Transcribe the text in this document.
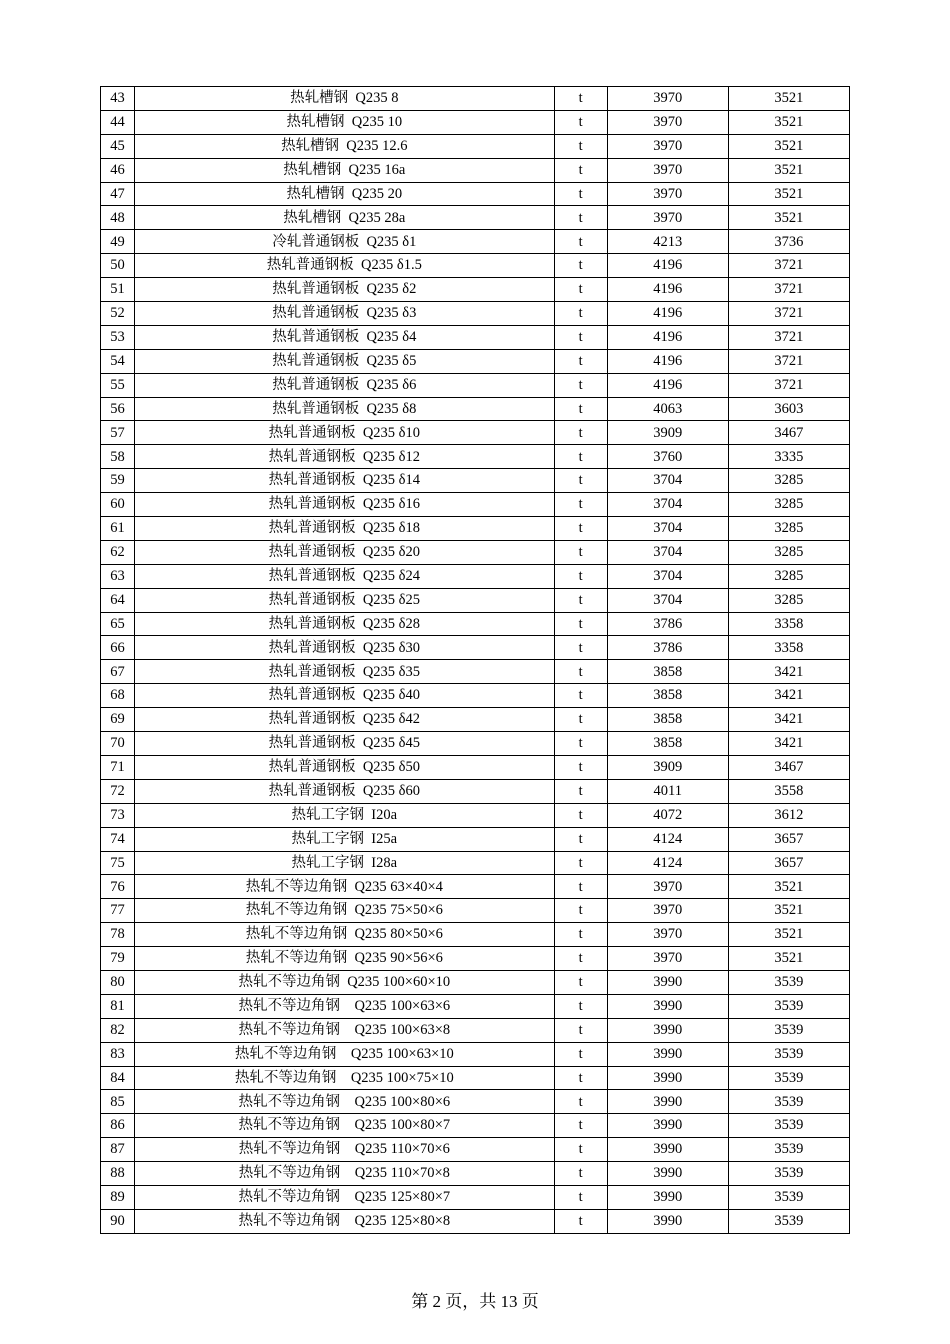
43	热轧槽钢  Q235 8	t	3970	3521
44	热轧槽钢  Q235 10	t	3970	3521
45	热轧槽钢  Q235 12.6	t	3970	3521
46	热轧槽钢  Q235 16a	t	3970	3521
47	热轧槽钢  Q235 20	t	3970	3521
48	热轧槽钢  Q235 28a	t	3970	3521
49	冷轧普通钢板  Q235 δ1	t	4213	3736
50	热轧普通钢板  Q235 δ1.5	t	4196	3721
51	热轧普通钢板  Q235 δ2	t	4196	3721
52	热轧普通钢板  Q235 δ3	t	4196	3721
53	热轧普通钢板  Q235 δ4	t	4196	3721
54	热轧普通钢板  Q235 δ5	t	4196	3721
55	热轧普通钢板  Q235 δ6	t	4196	3721
56	热轧普通钢板  Q235 δ8	t	4063	3603
57	热轧普通钢板  Q235 δ10	t	3909	3467
58	热轧普通钢板  Q235 δ12	t	3760	3335
59	热轧普通钢板  Q235 δ14	t	3704	3285
60	热轧普通钢板  Q235 δ16	t	3704	3285
61	热轧普通钢板  Q235 δ18	t	3704	3285
62	热轧普通钢板  Q235 δ20	t	3704	3285
63	热轧普通钢板  Q235 δ24	t	3704	3285
64	热轧普通钢板  Q235 δ25	t	3704	3285
65	热轧普通钢板  Q235 δ28	t	3786	3358
66	热轧普通钢板  Q235 δ30	t	3786	3358
67	热轧普通钢板  Q235 δ35	t	3858	3421
68	热轧普通钢板  Q235 δ40	t	3858	3421
69	热轧普通钢板  Q235 δ42	t	3858	3421
70	热轧普通钢板  Q235 δ45	t	3858	3421
71	热轧普通钢板  Q235 δ50	t	3909	3467
72	热轧普通钢板  Q235 δ60	t	4011	3558
73	热轧工字钢  I20a	t	4072	3612
74	热轧工字钢  I25a	t	4124	3657
75	热轧工字钢  I28a	t	4124	3657
76	热轧不等边角钢  Q235 63×40×4	t	3970	3521
77	热轧不等边角钢  Q235 75×50×6	t	3970	3521
78	热轧不等边角钢  Q235 80×50×6	t	3970	3521
79	热轧不等边角钢  Q235 90×56×6	t	3970	3521
80	热轧不等边角钢  Q235 100×60×10	t	3990	3539
81	热轧不等边角钢    Q235 100×63×6	t	3990	3539
82	热轧不等边角钢    Q235 100×63×8	t	3990	3539
83	热轧不等边角钢    Q235 100×63×10	t	3990	3539
84	热轧不等边角钢    Q235 100×75×10	t	3990	3539
85	热轧不等边角钢    Q235 100×80×6	t	3990	3539
86	热轧不等边角钢    Q235 100×80×7	t	3990	3539
87	热轧不等边角钢    Q235 110×70×6	t	3990	3539
88	热轧不等边角钢    Q235 110×70×8	t	3990	3539
89	热轧不等边角钢    Q235 125×80×7	t	3990	3539
90	热轧不等边角钢    Q235 125×80×8	t	3990	3539
第 2 页，共 13 页
